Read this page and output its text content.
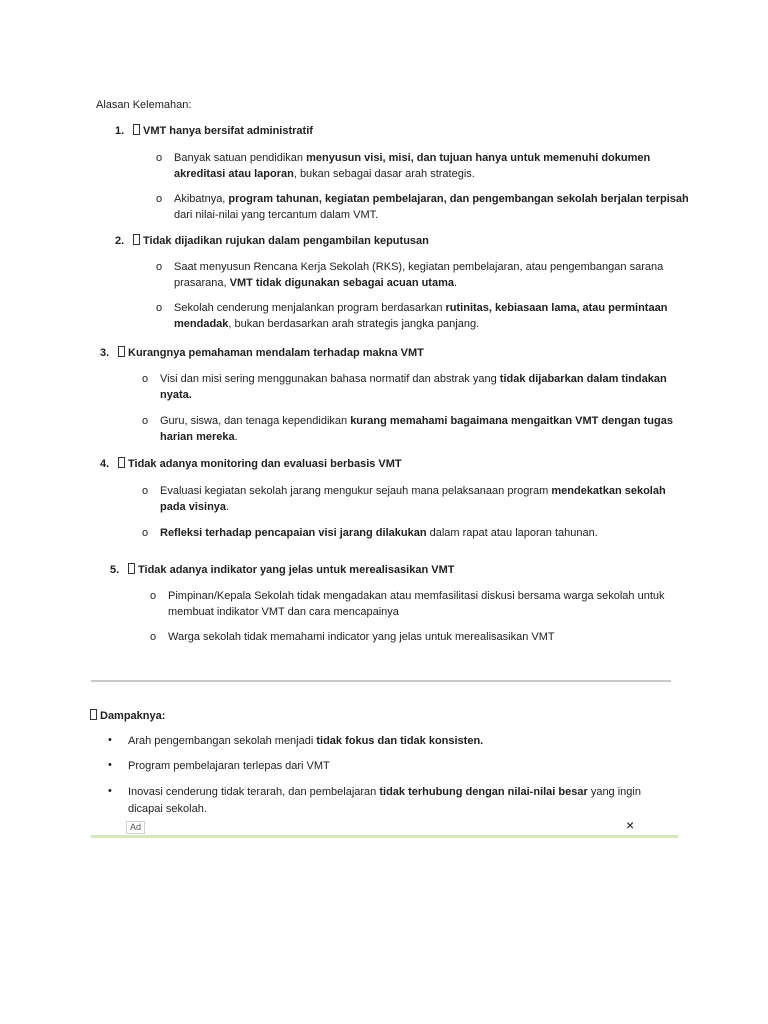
Alasan Kelemahan:
1.	VMT hanya bersifat administratif
o Banyak satuan pendidikan menyusun visi, misi, dan tujuan hanya untuk memenuhi dokumen
akreditasi atau laporan, bukan sebagai dasar arah strategis.
o Akibatnya, program tahunan, kegiatan pembelajaran, dan pengembangan sekolah berjalan terpisah
dari nilai-nilai yang tercantum dalam VMT.
2.	Tidak dijadikan rujukan dalam pengambilan keputusan
o Saat menyusun Rencana Kerja Sekolah (RKS), kegiatan pembelajaran, atau pengembangan sarana
prasarana, VMT tidak digunakan sebagai acuan utama.
o Sekolah cenderung menjalankan program berdasarkan rutinitas, kebiasaan lama, atau permintaan
mendadak, bukan berdasarkan arah strategis jangka panjang.
3.	Kurangnya pemahaman mendalam terhadap makna VMT
o Visi dan misi sering menggunakan bahasa normatif dan abstrak yang tidak dijabarkan dalam tindakan
nyata.
o Guru, siswa, dan tenaga kependidikan kurang memahami bagaimana mengaitkan VMT dengan tugas
harian mereka.
4.	Tidak adanya monitoring dan evaluasi berbasis VMT
o Evaluasi kegiatan sekolah jarang mengukur sejauh mana pelaksanaan program mendekatkan sekolah
pada visinya.
o Refleksi terhadap pencapaian visi jarang dilakukan dalam rapat atau laporan tahunan.
5.	Tidak adanya indikator yang jelas untuk merealisasikan VMT
o Pimpinan/Kepala Sekolah tidak mengadakan atau memfasilitasi diskusi bersama warga sekolah untuk
membuat indikator VMT dan cara mencapainya
o Warga sekolah tidak memahami indicator yang jelas untuk merealisasikan VMT
Dampaknya:
• Arah pengembangan sekolah menjadi tidak fokus dan tidak konsisten.
• Program pembelajaran terlepas dari VMT
• Inovasi cenderung tidak terarah, dan pembelajaran tidak terhubung dengan nilai-nilai besar yang ingin
dicapai sekolah.
Ad	×
